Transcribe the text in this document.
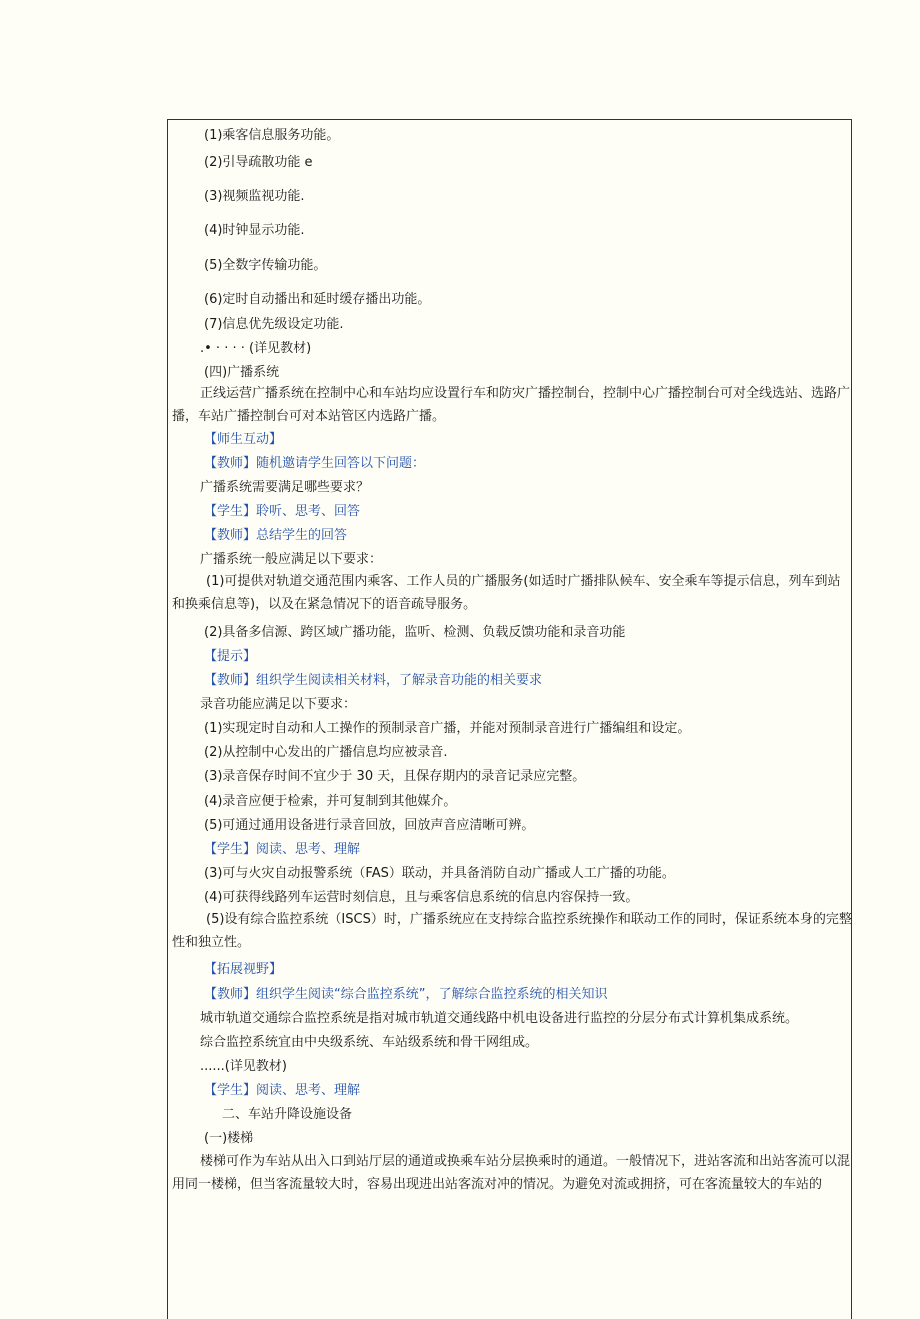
(1)乘客信息服务功能。
(2)引导疏散功能 e
(3)视频监视功能.
(4)时钟显示功能.
(5)全数字传输功能。
(6)定时自动播出和延时缓存播出功能。
(7)信息优先级设定功能.
.• · · · · (详见教材)
(四)广播系统
正线运营广播系统在控制中心和车站均应设置行车和防灾广播控制台，控制中心广播控制台可对全线选站、选路广播，车站广播控制台可对本站管区内选路广播。
【师生互动】
【教师】随机邀请学生回答以下问题：
广播系统需要满足哪些要求？
【学生】聆听、思考、回答
【教师】总结学生的回答
广播系统一般应满足以下要求：
(1)可提供对轨道交通范围内乘客、工作人员的广播服务(如适时广播排队候车、安全乘车等提示信息，列车到站和换乘信息等)，以及在紧急情况下的语音疏导服务。
(2)具备多信源、跨区域广播功能，监听、检测、负载反馈功能和录音功能
【提示】
【教师】组织学生阅读相关材料，了解录音功能的相关要求
录音功能应满足以下要求：
(1)实现定时自动和人工操作的预制录音广播，并能对预制录音进行广播编组和设定。
(2)从控制中心发出的广播信息均应被录音.
(3)录音保存时间不宜少于 30 天，且保存期内的录音记录应完整。
(4)录音应便于检索，并可复制到其他媒介。
(5)可通过通用设备进行录音回放，回放声音应清晰可辨。
【学生】阅读、思考、理解
(3)可与火灾自动报警系统（FAS）联动，并具备消防自动广播或人工广播的功能。
(4)可获得线路列车运营时刻信息，且与乘客信息系统的信息内容保持一致。
(5)设有综合监控系统（ISCS）时，广播系统应在支持综合监控系统操作和联动工作的同时，保证系统本身的完整性和独立性。
【拓展视野】
【教师】组织学生阅读“综合监控系统”，了解综合监控系统的相关知识
城市轨道交通综合监控系统是指对城市轨道交通线路中机电设备进行监控的分层分布式计算机集成系统。
综合监控系统宜由中央级系统、车站级系统和骨干网组成。
......(详见教材)
【学生】阅读、思考、理解
二、车站升降设施设备
(一)楼梯
楼梯可作为车站从出入口到站厅层的通道或换乘车站分层换乘时的通道。一般情况下，进站客流和出站客流可以混用同一楼梯，但当客流量较大时，容易出现进出站客流对冲的情况。为避免对流或拥挤，可在客流量较大的车站的
